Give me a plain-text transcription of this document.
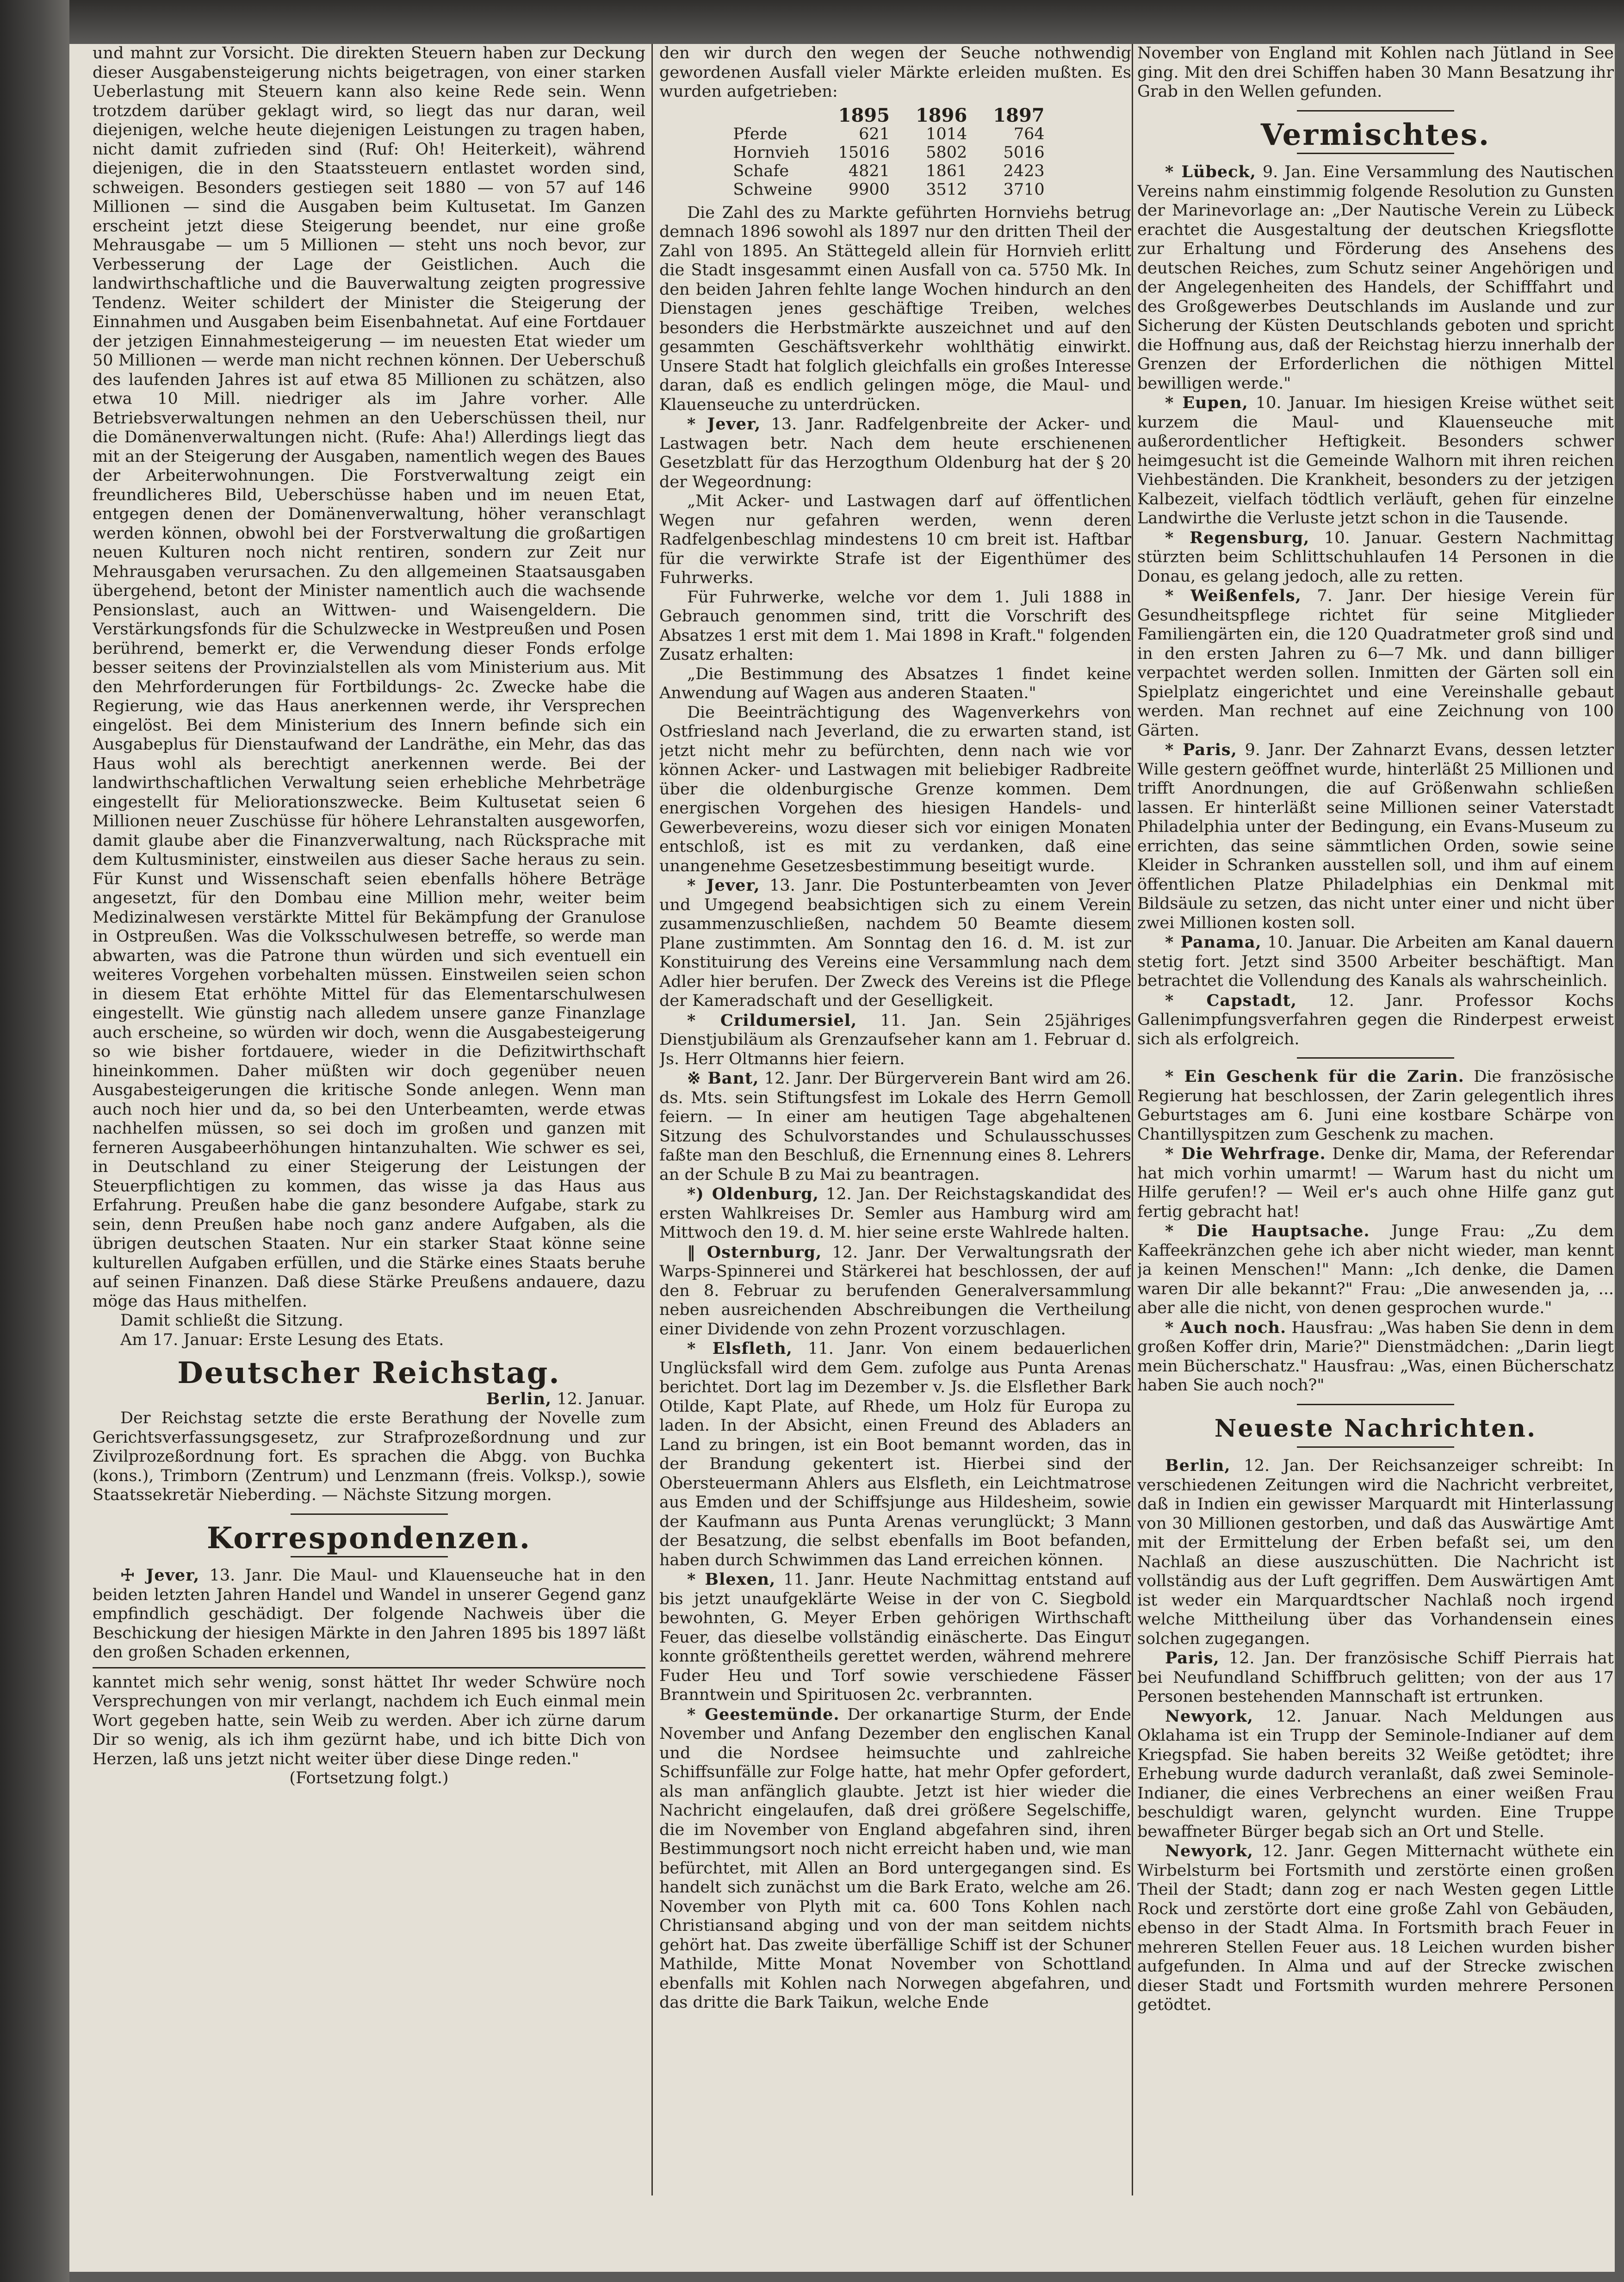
und mahnt zur Vorsicht. Die direkten Steuern haben zur Deckung dieser Ausgabensteigerung nichts beigetragen, von einer starken Ueberlastung mit Steuern kann also keine Rede sein. Wenn trotzdem darüber geklagt wird, so liegt das nur daran, weil diejenigen, welche heute diejenigen Leistungen zu tragen haben, nicht damit zufrieden sind (Ruf: Oh! Heiterkeit), während diejenigen, die in den Staatssteuern entlastet worden sind, schweigen. Besonders gestiegen seit 1880 — von 57 auf 146 Millionen — sind die Ausgaben beim Kultusetat. Im Ganzen erscheint jetzt diese Steigerung beendet, nur eine große Mehrausgabe — um 5 Millionen — steht uns noch bevor, zur Verbesserung der Lage der Geistlichen. Auch die landwirthschaftliche und die Bauverwaltung zeigten progressive Tendenz. Weiter schildert der Minister die Steigerung der Einnahmen und Ausgaben beim Eisenbahnetat. Auf eine Fortdauer der jetzigen Einnahmesteigerung — im neuesten Etat wieder um 50 Millionen — werde man nicht rechnen können. Der Ueberschuß des laufenden Jahres ist auf etwa 85 Millionen zu schätzen, also etwa 10 Mill. niedriger als im Jahre vorher. Alle Betriebsverwaltungen nehmen an den Ueberschüssen theil, nur die Domänenverwaltungen nicht. (Rufe: Aha!) Allerdings liegt das mit an der Steigerung der Ausgaben, namentlich wegen des Baues der Arbeiterwohnungen. Die Forstverwaltung zeigt ein freundlicheres Bild, Ueberschüsse haben und im neuen Etat, entgegen denen der Domänenverwaltung, höher veranschlagt werden können, obwohl bei der Forstverwaltung die großartigen neuen Kulturen noch nicht rentiren, sondern zur Zeit nur Mehrausgaben verursachen. Zu den allgemeinen Staatsausgaben übergehend, betont der Minister namentlich auch die wachsende Pensionslast, auch an Wittwen- und Waisengeldern. Die Verstärkungsfonds für die Schulzwecke in Westpreußen und Posen berührend, bemerkt er, die Verwendung dieser Fonds erfolge besser seitens der Provinzialstellen als vom Ministerium aus. Mit den Mehrforderungen für Fortbildungs- 2c. Zwecke habe die Regierung, wie das Haus anerkennen werde, ihr Versprechen eingelöst. Bei dem Ministerium des Innern befinde sich ein Ausgabeplus für Dienstaufwand der Landräthe, ein Mehr, das das Haus wohl als berechtigt anerkennen werde. Bei der landwirthschaftlichen Verwaltung seien erhebliche Mehrbeträge eingestellt für Meliorationszwecke. Beim Kultusetat seien 6 Millionen neuer Zuschüsse für höhere Lehranstalten ausgeworfen, damit glaube aber die Finanzverwaltung, nach Rücksprache mit dem Kultusminister, einstweilen aus dieser Sache heraus zu sein. Für Kunst und Wissenschaft seien ebenfalls höhere Beträge angesetzt, für den Dombau eine Million mehr, weiter beim Medizinalwesen verstärkte Mittel für Bekämpfung der Granulose in Ostpreußen. Was die Volksschulwesen betreffe, so werde man abwarten, was die Patrone thun würden und sich eventuell ein weiteres Vorgehen vorbehalten müssen. Einstweilen seien schon in diesem Etat erhöhte Mittel für das Elementarschulwesen eingestellt. Wie günstig nach alledem unsere ganze Finanzlage auch erscheine, so würden wir doch, wenn die Ausgabesteigerung so wie bisher fortdauere, wieder in die Defizitwirthschaft hineinkommen. Daher müßten wir doch gegenüber neuen Ausgabesteigerungen die kritische Sonde anlegen. Wenn man auch noch hier und da, so bei den Unterbeamten, werde etwas nachhelfen müssen, so sei doch im großen und ganzen mit ferneren Ausgabeerhöhungen hintanzuhalten. Wie schwer es sei, in Deutschland zu einer Steigerung der Leistungen der Steuerpflichtigen zu kommen, das wisse ja das Haus aus Erfahrung. Preußen habe die ganz besondere Aufgabe, stark zu sein, denn Preußen habe noch ganz andere Aufgaben, als die übrigen deutschen Staaten. Nur ein starker Staat könne seine kulturellen Aufgaben erfüllen, und die Stärke eines Staats beruhe auf seinen Finanzen. Daß diese Stärke Preußens andauere, dazu möge das Haus mithelfen.

Damit schließt die Sitzung.

Am 17. Januar: Erste Lesung des Etats.

Deutscher Reichstag.

Berlin, 12. Januar.

Der Reichstag setzte die erste Berathung der Novelle zum Gerichtsverfassungsgesetz, zur Strafprozeßordnung und zur Zivilprozeßordnung fort. Es sprachen die Abgg. von Buchka (kons.), Trimborn (Zentrum) und Lenzmann (freis. Volksp.), sowie Staatssekretär Nieberding. — Nächste Sitzung morgen.

Korrespondenzen.

☩ Jever, 13. Janr. Die Maul- und Klauenseuche hat in den beiden letzten Jahren Handel und Wandel in unserer Gegend ganz empfindlich geschädigt. Der folgende Nachweis über die Beschickung der hiesigen Märkte in den Jahren 1895 bis 1897 läßt den großen Schaden erkennen,

kanntet mich sehr wenig, sonst hättet Ihr weder Schwüre noch Versprechungen von mir verlangt, nachdem ich Euch einmal mein Wort gegeben hatte, sein Weib zu werden. Aber ich zürne darum Dir so wenig, als ich ihm gezürnt habe, und ich bitte Dich von Herzen, laß uns jetzt nicht weiter über diese Dinge reden."

(Fortsetzung folgt.)

den wir durch den wegen der Seuche nothwendig gewordenen Ausfall vieler Märkte erleiden mußten. Es wurden aufgetrieben:

	1895	1896	1897
Pferde	621	1014	764
Hornvieh	15016	5802	5016
Schafe	4821	1861	2423
Schweine	9900	3512	3710

Die Zahl des zu Markte geführten Hornviehs betrug demnach 1896 sowohl als 1897 nur den dritten Theil der Zahl von 1895. An Stättegeld allein für Hornvieh erlitt die Stadt insgesammt einen Ausfall von ca. 5750 Mk. In den beiden Jahren fehlte lange Wochen hindurch an den Dienstagen jenes geschäftige Treiben, welches besonders die Herbstmärkte auszeichnet und auf den gesammten Geschäftsverkehr wohlthätig einwirkt. Unsere Stadt hat folglich gleichfalls ein großes Interesse daran, daß es endlich gelingen möge, die Maul- und Klauenseuche zu unterdrücken.

* Jever, 13. Janr. Radfelgenbreite der Acker- und Lastwagen betr. Nach dem heute erschienenen Gesetzblatt für das Herzogthum Oldenburg hat der § 20 der Wegeordnung:

„Mit Acker- und Lastwagen darf auf öffentlichen Wegen nur gefahren werden, wenn deren Radfelgenbeschlag mindestens 10 cm breit ist. Haftbar für die verwirkte Strafe ist der Eigenthümer des Fuhrwerks.

Für Fuhrwerke, welche vor dem 1. Juli 1888 in Gebrauch genommen sind, tritt die Vorschrift des Absatzes 1 erst mit dem 1. Mai 1898 in Kraft." folgenden Zusatz erhalten:

„Die Bestimmung des Absatzes 1 findet keine Anwendung auf Wagen aus anderen Staaten."

Die Beeinträchtigung des Wagenverkehrs von Ostfriesland nach Jeverland, die zu erwarten stand, ist jetzt nicht mehr zu befürchten, denn nach wie vor können Acker- und Lastwagen mit beliebiger Radbreite über die oldenburgische Grenze kommen. Dem energischen Vorgehen des hiesigen Handels- und Gewerbevereins, wozu dieser sich vor einigen Monaten entschloß, ist es mit zu verdanken, daß eine unangenehme Gesetzesbestimmung beseitigt wurde.

* Jever, 13. Janr. Die Postunterbeamten von Jever und Umgegend beabsichtigen sich zu einem Verein zusammenzuschließen, nachdem 50 Beamte diesem Plane zustimmten. Am Sonntag den 16. d. M. ist zur Konstituirung des Vereins eine Versammlung nach dem Adler hier berufen. Der Zweck des Vereins ist die Pflege der Kameradschaft und der Geselligkeit.

* Crildumersiel, 11. Jan. Sein 25jähriges Dienstjubiläum als Grenzaufseher kann am 1. Februar d. Js. Herr Oltmanns hier feiern.

※ Bant, 12. Janr. Der Bürgerverein Bant wird am 26. ds. Mts. sein Stiftungsfest im Lokale des Herrn Gemoll feiern. — In einer am heutigen Tage abgehaltenen Sitzung des Schulvorstandes und Schulausschusses faßte man den Beschluß, die Ernennung eines 8. Lehrers an der Schule B zu Mai zu beantragen.

*) Oldenburg, 12. Jan. Der Reichstagskandidat des ersten Wahlkreises Dr. Semler aus Hamburg wird am Mittwoch den 19. d. M. hier seine erste Wahlrede halten.

‖ Osternburg, 12. Janr. Der Verwaltungsrath der Warps-Spinnerei und Stärkerei hat beschlossen, der auf den 8. Februar zu berufenden Generalversammlung neben ausreichenden Abschreibungen die Vertheilung einer Dividende von zehn Prozent vorzuschlagen.

* Elsfleth, 11. Janr. Von einem bedauerlichen Unglücksfall wird dem Gem. zufolge aus Punta Arenas berichtet. Dort lag im Dezember v. Js. die Elsflether Bark Otilde, Kapt Plate, auf Rhede, um Holz für Europa zu laden. In der Absicht, einen Freund des Abladers an Land zu bringen, ist ein Boot bemannt worden, das in der Brandung gekentert ist. Hierbei sind der Obersteuermann Ahlers aus Elsfleth, ein Leichtmatrose aus Emden und der Schiffsjunge aus Hildesheim, sowie der Kaufmann aus Punta Arenas verunglückt; 3 Mann der Besatzung, die selbst ebenfalls im Boot befanden, haben durch Schwimmen das Land erreichen können.

* Blexen, 11. Janr. Heute Nachmittag entstand auf bis jetzt unaufgeklärte Weise in der von C. Siegbold bewohnten, G. Meyer Erben gehörigen Wirthschaft Feuer, das dieselbe vollständig einäscherte. Das Einguт konnte größtentheils gerettet werden, während mehrere Fuder Heu und Torf sowie verschiedene Fässer Branntwein und Spirituosen 2c. verbrannten.

* Geestemünde. Der orkanartige Sturm, der Ende November und Anfang Dezember den englischen Kanal und die Nordsee heimsuchte und zahlreiche Schiffsunfälle zur Folge hatte, hat mehr Opfer gefordert, als man anfänglich glaubte. Jetzt ist hier wieder die Nachricht eingelaufen, daß drei größere Segelschiffe, die im November von England abgefahren sind, ihren Bestimmungsort noch nicht erreicht haben und, wie man befürchtet, mit Allen an Bord untergegangen sind. Es handelt sich zunächst um die Bark Erato, welche am 26. November von Plyth mit ca. 600 Tons Kohlen nach Christiansand abging und von der man seitdem nichts gehört hat. Das zweite überfällige Schiff ist der Schuner Mathilde, Mitte Monat November von Schottland ebenfalls mit Kohlen nach Norwegen abgefahren, und das dritte die Bark Taikun, welche Ende

November von England mit Kohlen nach Jütland in See ging. Mit den drei Schiffen haben 30 Mann Besatzung ihr Grab in den Wellen gefunden.

Vermischtes.

* Lübeck, 9. Jan. Eine Versammlung des Nautischen Vereins nahm einstimmig folgende Resolution zu Gunsten der Marinevorlage an: „Der Nautische Verein zu Lübeck erachtet die Ausgestaltung der deutschen Kriegsflotte zur Erhaltung und Förderung des Ansehens des deutschen Reiches, zum Schutz seiner Angehörigen und der Angelegenheiten des Handels, der Schifffahrt und des Großgewerbes Deutschlands im Auslande und zur Sicherung der Küsten Deutschlands geboten und spricht die Hoffnung aus, daß der Reichstag hierzu innerhalb der Grenzen der Erforderlichen die nöthigen Mittel bewilligen werde."

* Eupen, 10. Januar. Im hiesigen Kreise wüthet seit kurzem die Maul- und Klauenseuche mit außerordentlicher Heftigkeit. Besonders schwer heimgesucht ist die Gemeinde Walhorn mit ihren reichen Viehbeständen. Die Krankheit, besonders zu der jetzigen Kalbezeit, vielfach tödtlich verläuft, gehen für einzelne Landwirthe die Verluste jetzt schon in die Tausende.

* Regensburg, 10. Januar. Gestern Nachmittag stürzten beim Schlittschuhlaufen 14 Personen in die Donau, es gelang jedoch, alle zu retten.

* Weißenfels, 7. Janr. Der hiesige Verein für Gesundheitspflege richtet für seine Mitglieder Familiengärten ein, die 120 Quadratmeter groß sind und in den ersten Jahren zu 6—7 Mk. und dann billiger verpachtet werden sollen. Inmitten der Gärten soll ein Spielplatz eingerichtet und eine Vereinshalle gebaut werden. Man rechnet auf eine Zeichnung von 100 Gärten.

* Paris, 9. Janr. Der Zahnarzt Evans, dessen letzter Wille gestern geöffnet wurde, hinterläßt 25 Millionen und trifft Anordnungen, die auf Größenwahn schließen lassen. Er hinterläßt seine Millionen seiner Vaterstadt Philadelphia unter der Bedingung, ein Evans-Museum zu errichten, das seine sämmtlichen Orden, sowie seine Kleider in Schranken ausstellen soll, und ihm auf einem öffentlichen Platze Philadelphias ein Denkmal mit Bildsäule zu setzen, das nicht unter einer und nicht über zwei Millionen kosten soll.

* Panama, 10. Januar. Die Arbeiten am Kanal dauern stetig fort. Jetzt sind 3500 Arbeiter beschäftigt. Man betrachtet die Vollendung des Kanals als wahrscheinlich.

* Capstadt, 12. Janr. Professor Kochs Gallenimpfungsverfahren gegen die Rinderpest erweist sich als erfolgreich.

* Ein Geschenk für die Zarin. Die französische Regierung hat beschlossen, der Zarin gelegentlich ihres Geburtstages am 6. Juni eine kostbare Schärpe von Chantillyspitzen zum Geschenk zu machen.

* Die Wehrfrage. Denke dir, Mama, der Referendar hat mich vorhin umarmt! — Warum hast du nicht um Hilfe gerufen!? — Weil er's auch ohne Hilfe ganz gut fertig gebracht hat!

* Die Hauptsache. Junge Frau: „Zu dem Kaffeekränzchen gehe ich aber nicht wieder, man kennt ja keinen Menschen!" Mann: „Ich denke, die Damen waren Dir alle bekannt?" Frau: „Die anwesenden ja, ... aber alle die nicht, von denen gesprochen wurde."

* Auch noch. Hausfrau: „Was haben Sie denn in dem großen Koffer drin, Marie?" Dienstmädchen: „Darin liegt mein Bücherschatz." Hausfrau: „Was, einen Bücherschatz haben Sie auch noch?"

Neueste Nachrichten.

Berlin, 12. Jan. Der Reichsanzeiger schreibt: In verschiedenen Zeitungen wird die Nachricht verbreitet, daß in Indien ein gewisser Marquardt mit Hinterlassung von 30 Millionen gestorben, und daß das Auswärtige Amt mit der Ermittelung der Erben befaßt sei, um den Nachlaß an diese auszuschütten. Die Nachricht ist vollständig aus der Luft gegriffen. Dem Auswärtigen Amt ist weder ein Marquardtscher Nachlaß noch irgend welche Mittheilung über das Vorhandensein eines solchen zugegangen.

Paris, 12. Jan. Der französische Schiff Pierrais hat bei Neufundland Schiffbruch gelitten; von der aus 17 Personen bestehenden Mannschaft ist ertrunken.

Newyork, 12. Januar. Nach Meldungen aus Oklahama ist ein Trupp der Seminole-Indianer auf dem Kriegspfad. Sie haben bereits 32 Weiße getödtet; ihre Erhebung wurde dadurch veranlaßt, daß zwei Seminole-Indianer, die eines Verbrechens an einer weißen Frau beschuldigt waren, gelyncht wurden. Eine Truppe bewaffneter Bürger begab sich an Ort und Stelle.

Newyork, 12. Janr. Gegen Mitternacht wüthete ein Wirbelsturm bei Fortsmith und zerstörte einen großen Theil der Stadt; dann zog er nach Westen gegen Little Rock und zerstörte dort eine große Zahl von Gebäuden, ebenso in der Stadt Alma. In Fortsmith brach Feuer in mehreren Stellen Feuer aus. 18 Leichen wurden bisher aufgefunden. In Alma und auf der Strecke zwischen dieser Stadt und Fortsmith wurden mehrere Personen getödtet.
